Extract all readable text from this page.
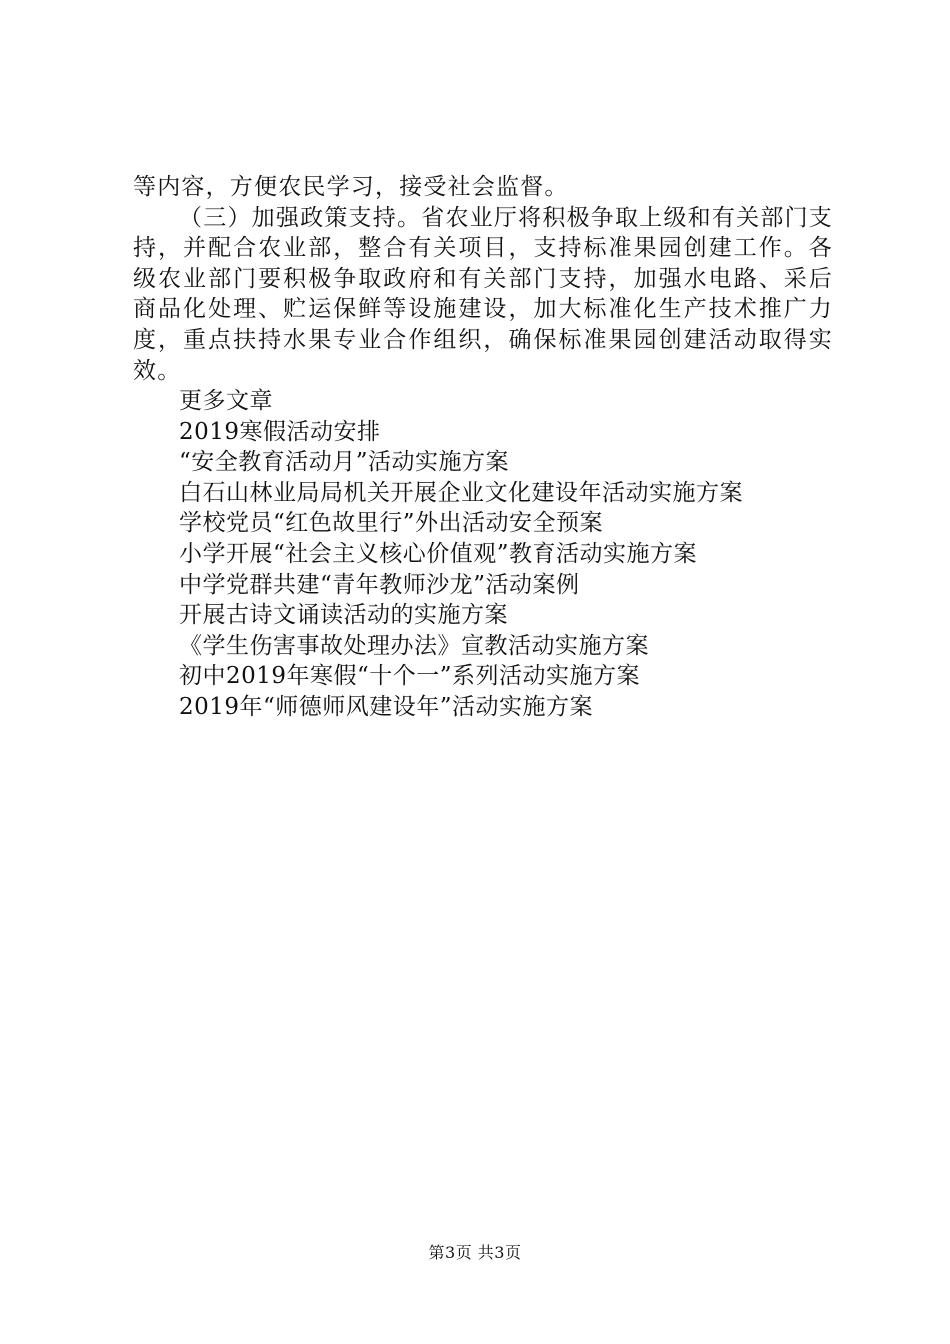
等内容，方便农民学习，接受社会监督。

（三）加强政策支持。省农业厅将积极争取上级和有关部门支持，并配合农业部，整合有关项目，支持标准果园创建工作。各级农业部门要积极争取政府和有关部门支持，加强水电路、采后商品化处理、贮运保鲜等设施建设，加大标准化生产技术推广力度，重点扶持水果专业合作组织，确保标准果园创建活动取得实效。

更多文章

2019寒假活动安排
“安全教育活动月”活动实施方案
白石山林业局局机关开展企业文化建设年活动实施方案
学校党员“红色故里行”外出活动安全预案
小学开展“社会主义核心价值观”教育活动实施方案
中学党群共建“青年教师沙龙”活动案例
开展古诗文诵读活动的实施方案
《学生伤害事故处理办法》宣教活动实施方案
初中2019年寒假“十个一”系列活动实施方案
2019年“师德师风建设年”活动实施方案
第3页 共3页
